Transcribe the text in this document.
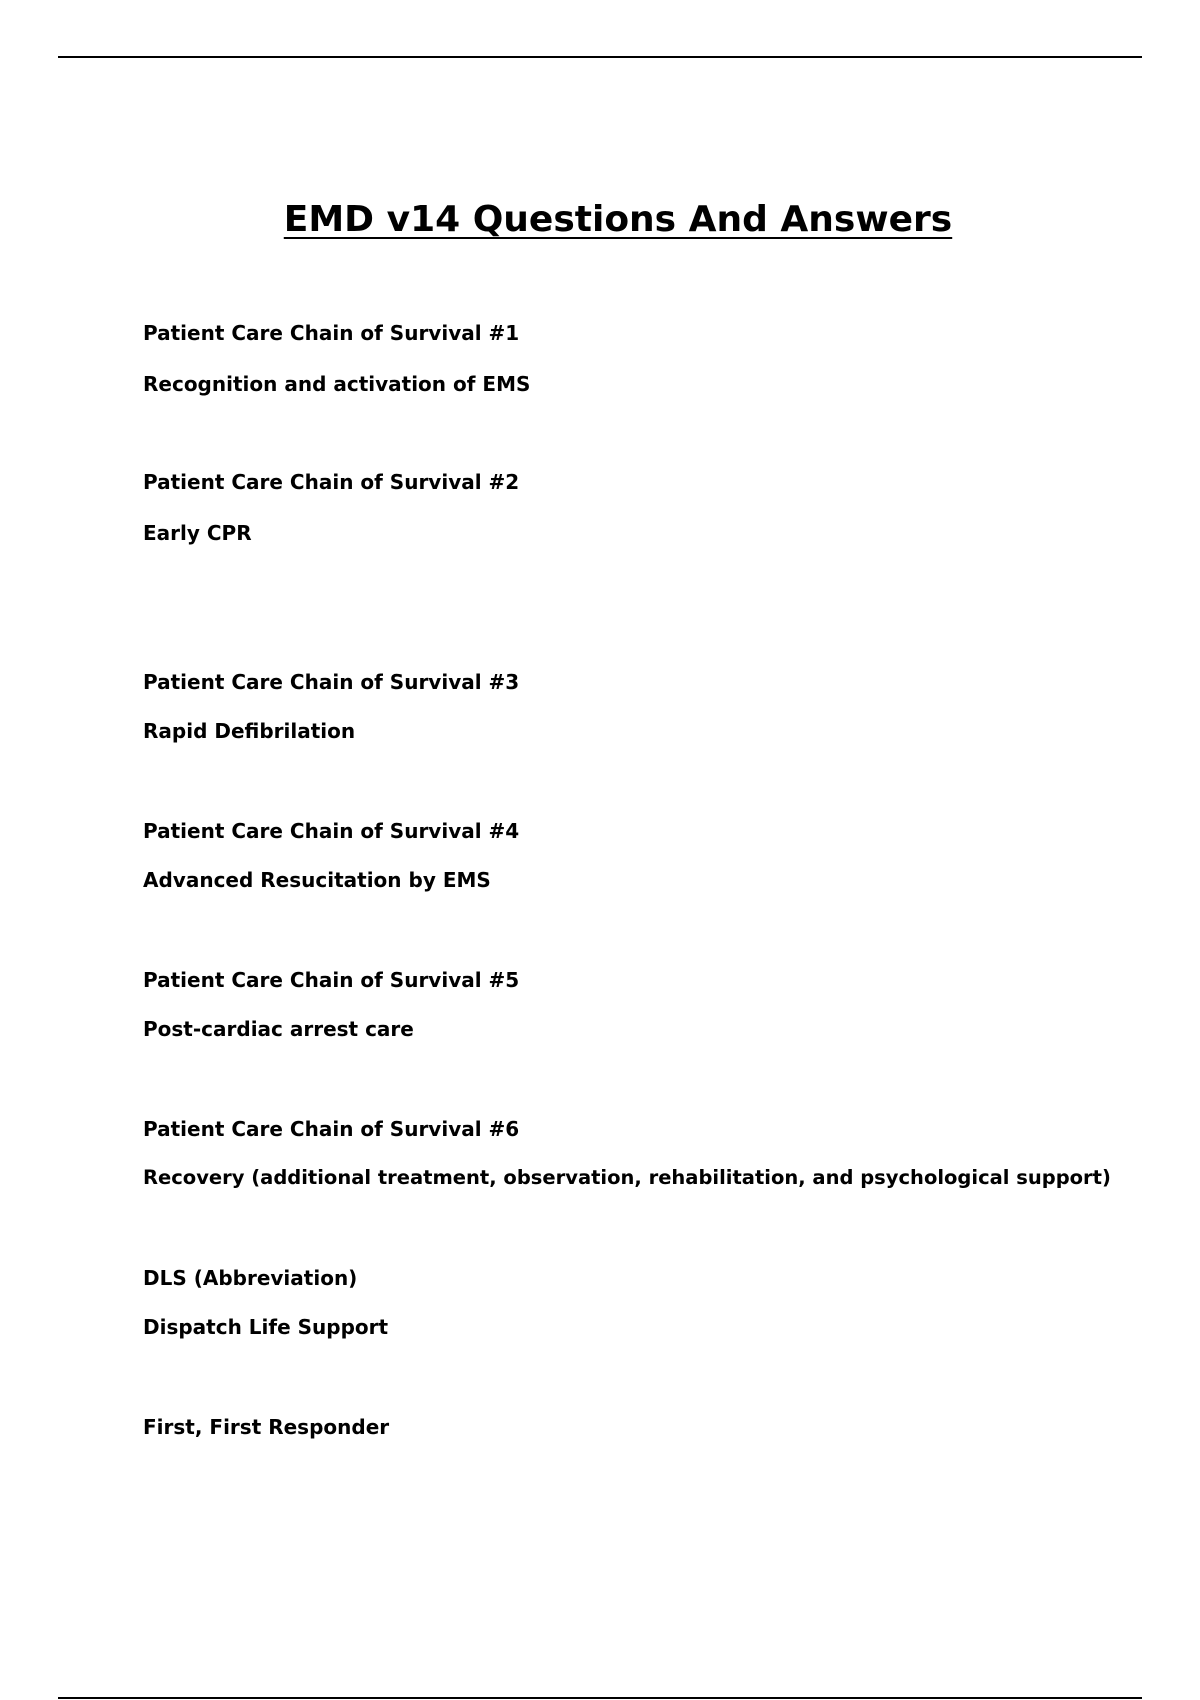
EMD v14 Questions And Answers

Patient Care Chain of Survival #1

Recognition and activation of EMS

Patient Care Chain of Survival #2

Early CPR

Patient Care Chain of Survival #3

Rapid Defibrilation

Patient Care Chain of Survival #4

Advanced Resucitation by EMS

Patient Care Chain of Survival #5

Post-cardiac arrest care

Patient Care Chain of Survival #6

Recovery (additional treatment, observation, rehabilitation, and psychological support)

DLS (Abbreviation)

Dispatch Life Support

First, First Responder
